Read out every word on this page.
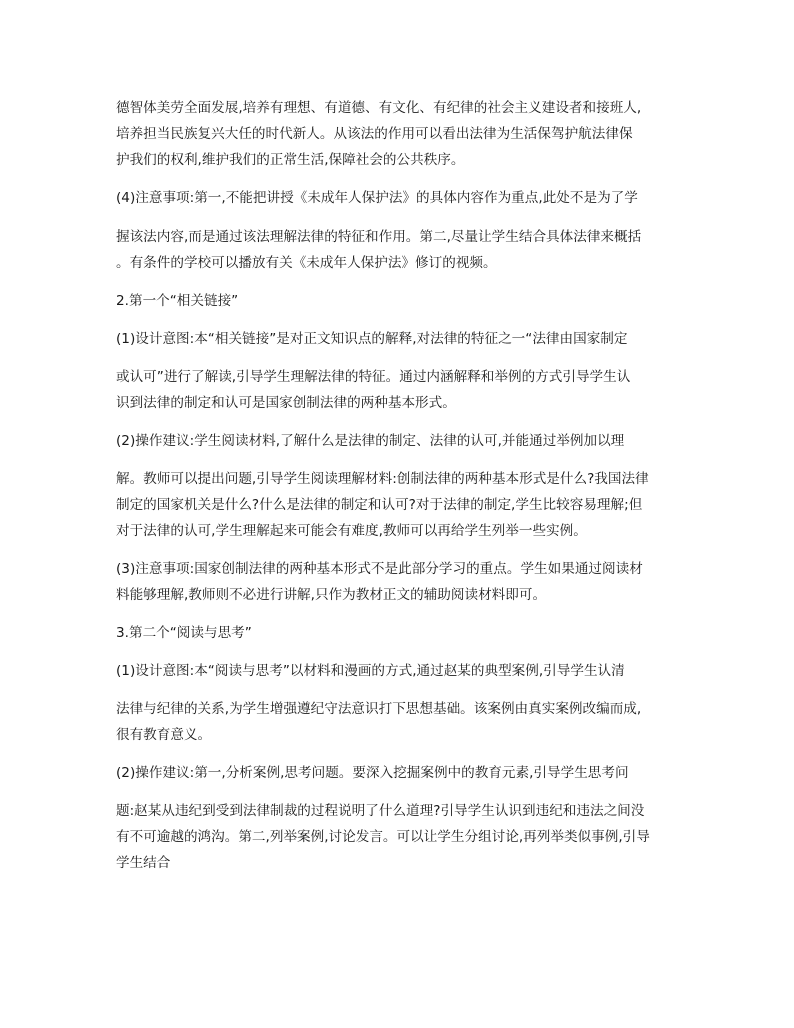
德智体美劳全面发展,培养有理想、有道德、有文化、有纪律的社会主义建设者和接班人,
培养担当民族复兴大任的时代新人。从该法的作用可以看出法律为生活保驾护航法律保
护我们的权利,维护我们的正常生活,保障社会的公共秩序。
(4)注意事项:第一,不能把讲授《未成年人保护法》的具体内容作为重点,此处不是为了学
握该法内容,而是通过该法理解法律的特征和作用。第二,尽量让学生结合具体法律来概括
。有条件的学校可以播放有关《未成年人保护法》修订的视频。
2.第一个“相关链接”
(1)设计意图:本“相关链接”是对正文知识点的解释,对法律的特征之一“法律由国家制定
或认可”进行了解读,引导学生理解法律的特征。通过内涵解释和举例的方式引导学生认
识到法律的制定和认可是国家创制法律的两种基本形式。
(2)操作建议:学生阅读材料,了解什么是法律的制定、法律的认可,并能通过举例加以理
解。教师可以提出问题,引导学生阅读理解材料:创制法律的两种基本形式是什么?我国法律
制定的国家机关是什么?什么是法律的制定和认可?对于法律的制定,学生比较容易理解;但
对于法律的认可,学生理解起来可能会有难度,教师可以再给学生列举一些实例。
(3)注意事项:国家创制法律的两种基本形式不是此部分学习的重点。学生如果通过阅读材
料能够理解,教师则不必进行讲解,只作为教材正文的辅助阅读材料即可。
3.第二个“阅读与思考”
(1)设计意图:本“阅读与思考”以材料和漫画的方式,通过赵某的典型案例,引导学生认清
法律与纪律的关系,为学生增强遵纪守法意识打下思想基础。该案例由真实案例改编而成,
很有教育意义。
(2)操作建议:第一,分析案例,思考问题。要深入挖掘案例中的教育元素,引导学生思考问
题:赵某从违纪到受到法律制裁的过程说明了什么道理?引导学生认识到违纪和违法之间没
有不可逾越的鸿沟。第二,列举案例,讨论发言。可以让学生分组讨论,再列举类似事例,引导
学生结合
